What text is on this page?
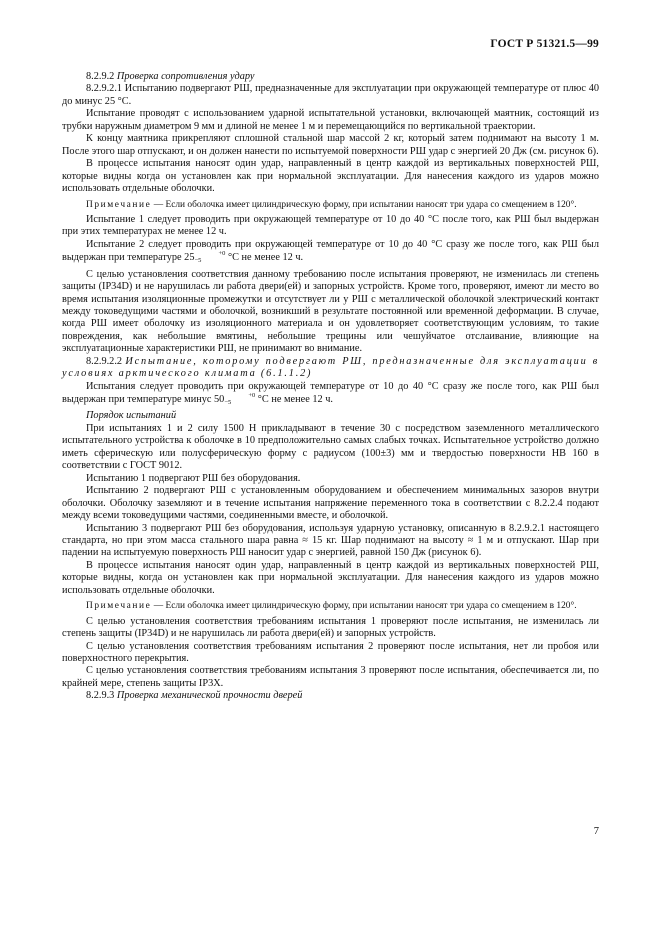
ГОСТ Р 51321.5—99

8.2.9.2 Проверка сопротивления удару

8.2.9.2.1 Испытанию подвергают РШ, предназначенные для эксплуатации при окружающей температуре от плюс 40 до минус 25 °С.

Испытание проводят с использованием ударной испытательной установки, включающей маятник, состоящий из трубки наружным диаметром 9 мм и длиной не менее 1 м и перемещающийся по вертикальной траектории.

К концу маятника прикрепляют сплошной стальной шар массой 2 кг, который затем поднимают на высоту 1 м. После этого шар отпускают, и он должен нанести по испытуемой поверхности РШ удар с энергией 20 Дж (см. рисунок 6).

В процессе испытания наносят один удар, направленный в центр каждой из вертикальных поверхностей РШ, которые видны когда он установлен как при нормальной эксплуатации. Для нанесения каждого из ударов можно использовать отдельные оболочки.

Примечание — Если оболочка имеет цилиндрическую форму, при испытании наносят три удара со смещением в 120°.

Испытание 1 следует проводить при окружающей температуре от 10 до 40 °С после того, как РШ был выдержан при этих температурах не менее 12 ч.

Испытание 2 следует проводить при окружающей температуре от 10 до 40 °С сразу же после того, как РШ был выдержан при температуре 25	+0
−5 °С не менее 12 ч.

С целью установления соответствия данному требованию после испытания проверяют, не изменилась ли степень защиты (IP34D) и не нарушилась ли работа двери(ей) и запорных устройств. Кроме того, проверяют, имеют ли место во время испытания изоляционные промежутки и отсутствует ли у РШ с металлической оболочкой электрический контакт между токоведущими частями и оболочкой, возникший в результате постоянной или временной деформации. В случае, когда РШ имеет оболочку из изоляционного материала и он удовлетворяет соответствующим условиям, то такие повреждения, как небольшие вмятины, небольшие трещины или чешуйчатое отслаивание, влияющие на эксплуатационные характеристики РШ, не принимают во внимание.

8.2.9.2.2 Испытание, которому подвергают РШ, предназначенные для эксплуатации в условиях арктического климата (6.1.1.2)

Испытания следует проводить при окружающей температуре от 10 до 40 °С сразу же после того, как РШ был выдержан при температуре минус 50	+0
−5 °С не менее 12 ч.

Порядок испытаний

При испытаниях 1 и 2 силу 1500 Н прикладывают в течение 30 с посредством заземленного металлического испытательного устройства к оболочке в 10 предположительно самых слабых точках. Испытательное устройство должно иметь сферическую или полусферическую форму с радиусом (100±3) мм и твердостью поверхности НВ 160 в соответствии с ГОСТ 9012.

Испытанию 1 подвергают РШ без оборудования.

Испытанию 2 подвергают РШ с установленным оборудованием и обеспечением минимальных зазоров внутри оболочки. Оболочку заземляют и в течение испытания напряжение переменного тока в соответствии с 8.2.2.4 подают между всеми токоведущими частями, соединенными вместе, и оболочкой.

Испытанию 3 подвергают РШ без оборудования, используя ударную установку, описанную в 8.2.9.2.1 настоящего стандарта, но при этом масса стального шара равна ≈ 15 кг. Шар поднимают на высоту ≈ 1 м и отпускают. Шар при падении на испытуемую поверхность РШ наносит удар с энергией, равной 150 Дж (рисунок 6).

В процессе испытания наносят один удар, направленный в центр каждой из вертикальных поверхностей РШ, которые видны, когда он установлен как при нормальной эксплуатации. Для нанесения каждого из ударов можно использовать отдельные оболочки.

Примечание — Если оболочка имеет цилиндрическую форму, при испытании наносят три удара со смещением в 120°.

С целью установления соответствия требованиям испытания 1 проверяют после испытания, не изменилась ли степень защиты (IP34D) и не нарушилась ли работа двери(ей) и запорных устройств.

С целью установления соответствия требованиям испытания 2 проверяют после испытания, нет ли пробоя или поверхностного перекрытия.

С целью установления соответствия требованиям испытания 3 проверяют после испытания, обеспечивается ли, по крайней мере, степень защиты IP3X.

8.2.9.3 Проверка механической прочности дверей

7
